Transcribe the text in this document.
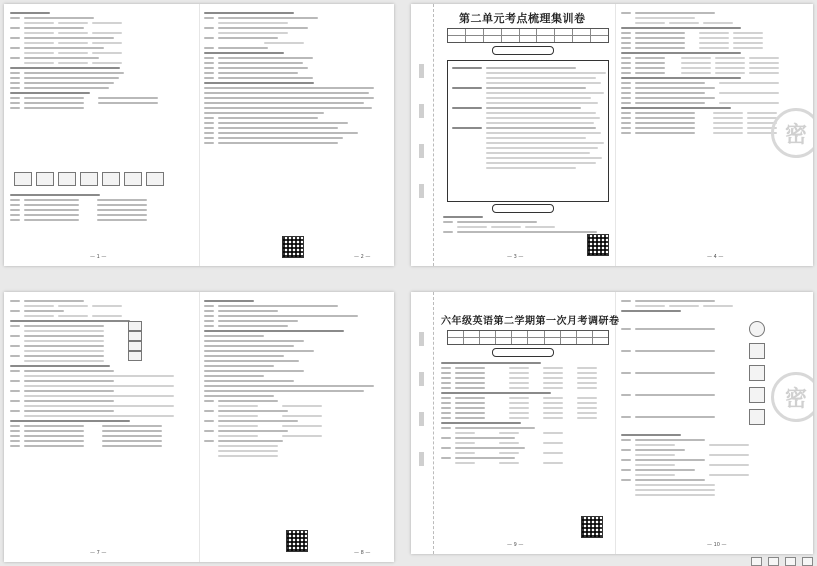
— 1 —	— 2 —
第二单元考点梳理集训卷
— 3 —
密
— 4 —
— 7 —	— 8 —
六年级英语第二学期第一次月考调研卷
— 9 —
密
— 10 —
